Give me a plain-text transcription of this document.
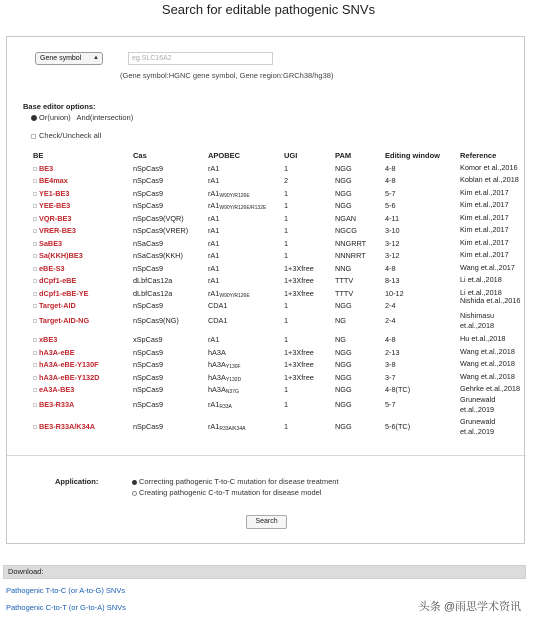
Search for editable pathogenic SNVs
Gene symbol ▲︎
eg.SLC16A2
(Gene symbol:HGNC gene symbol, Gene region:GRCh38/hg38)
Base editor options:
Or(union) And(intersection)
Check/Uncheck all
BE	Cas	APOBEC	UGI	PAM	Editing window	Reference
BE3	nSpCas9	rA1	1	NGG	4-8	Komor et al.,2016
BE4max	nSpCas9	rA1	2	NGG	4-8	Koblan et al.,2018
YE1-BE3	nSpCas9	$rA1_{W90Y/R126E}$	1	NGG	5-7	Kim et.al.,2017
YEE-BE3	nSpCas9	$rA1_{W90Y/R126E/R132E}$ 1	NGG	5-6	Kim et.al.,2017
VQR-BE3	nSpCas9(VQR)	rA1	1	NGAN	4-11	Kim et.al.,2017
VRER-BE3	nSpCas9(VRER)	rA1	1	NGCG	3-10	Kim et.al.,2017
SaBE3	nSaCas9	rA1	1	NNGRRT	3-12	Kim et.al.,2017
Sa(KKH)BE3	nSaCas9(KKH)	rA1	1	NNNRRT	3-12	Kim et.al.,2017
eBE-S3	nSpCas9	rA1	1+3Xfree	NNG	4-8	Wang et.al.,2017
dCpf1-eBE	dLbfCas12a	rA1	1+3Xfree	TTTV	8-13	Li et.al.,2018
dCpf1-eBE-YE	dLbfCas12a	$rA1_{W90Y/R126E}$	1+3Xfree	TTTV	10-12	Li et.al.,2018
Target-AID	nSpCas9	CDA1	1	NGG	2-4
Nishida et.al.,2016
Target-AID-NG	nSpCas9(NG)	CDA1	1	NG	2-4
Nishimasu et.al.,2018
xBE3	xSpCas9	rA1	1	NG	4-8	Hu et.al.,2018
hA3A-eBE	nSpCas9	hA3A	1+3Xfree	NGG	2-13	Wang et.al.,2018
hA3A-eBE-Y130F	nSpCas9	$hA3A_{Y130F}$	1+3Xfree	NGG	3-8	Wang et.al.,2018
hA3A-eBE-Y132D	nSpCas9	$hA3A_{Y132D}$	1+3Xfree	NGG	3-7	Wang et.al.,2018
eA3A-BE3	nSpCas9	$hA3A_{N37G}$	1	NGG	4-8(TC)	Gehrke et.al.,2018
BE3-R33A	nSpCas9	$rA1_{R33A}$	1	NGG	5-7
Grunewald et.al.,2019
BE3-R33A/K34A	nSpCas9	$rA1_{R33A/K34A}$	1	NGG	5-6(TC)
Grunewald et.al.,2019
Application:	Correcting pathogenic T-to-C mutation for disease treatment
Creating pathogenic C-to-T mutation for disease model
Search
Download:
Pathogenic T-to-C (or A-to-G) SNVs
Pathogenic C-to-T (or G-to-A) SNVs	头条 @雨思学术资讯
